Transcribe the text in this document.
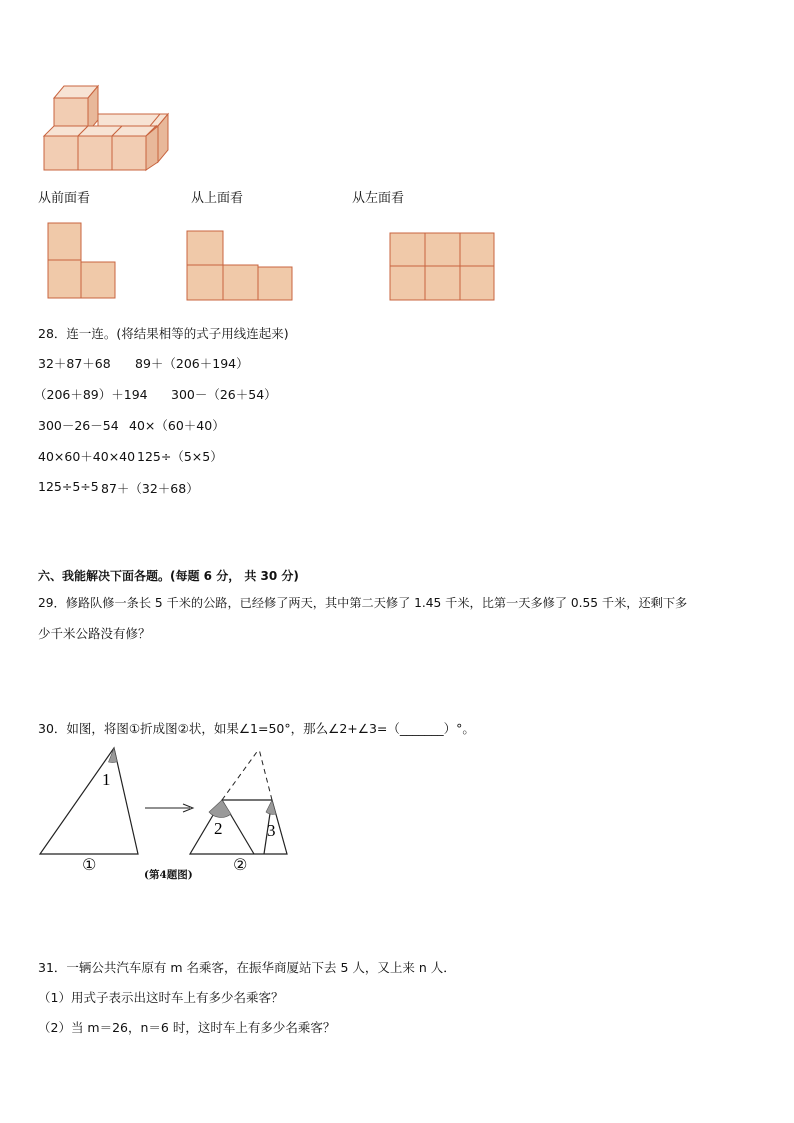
从前面看	从上面看	从左面看
28．连一连。(将结果相等的式子用线连起来)
32＋87＋68 89＋（206＋194）
（206＋89）＋194 300－（26＋54）
300－26－54 40×（60＋40）
40×60＋40×40 125÷（5×5）
125÷5÷5 87＋（32＋68）
六、我能解决下面各题。(每题 6 分， 共 30 分)
29．修路队修一条长 5 千米的公路，已经修了两天，其中第二天修了 1.45 千米，比第一天多修了 0.55 千米，还剩下多
少千米公路没有修？
30．如图，将图①折成图②状，如果∠1=50°，那么∠2+∠3=（_______）°。
1
2	3
①	②
(第4题图)
31．一辆公共汽车原有 m 名乘客，在振华商厦站下去 5 人，又上来 n 人．
（1）用式子表示出这时车上有多少名乘客？
（2）当 m＝26，n＝6 时，这时车上有多少名乘客？
